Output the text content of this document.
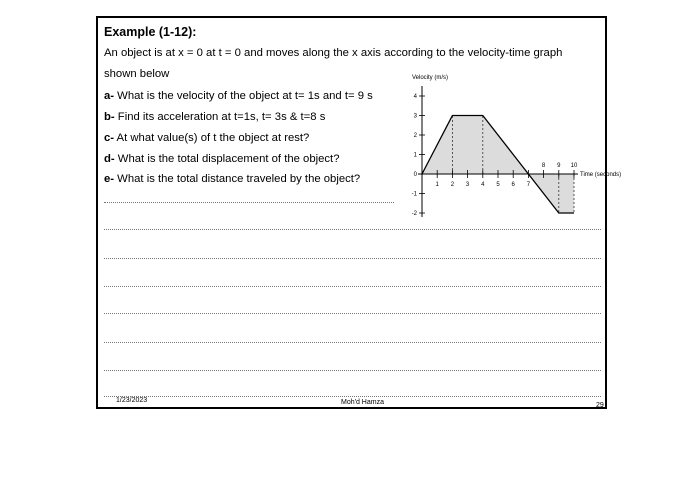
Example (1-12):
An object is at x = 0 at t = 0 and moves along the x axis according to the velocity-time graph
shown below
a- What is the velocity of the object at t= 1s and t= 9 s
b- Find its acceleration at t=1s, t= 3s & t=8 s
c- At what value(s) of t the object at rest?
d- What is the total displacement of the object?
e- What is the total distance traveled by the object?
1/23/2023	Moh'd Hamza	29
4
3
2
1
0
-1
-2
1 2 3 4 5 6 7
8 9 10
Velocity (m/s)
Time (seconds)
